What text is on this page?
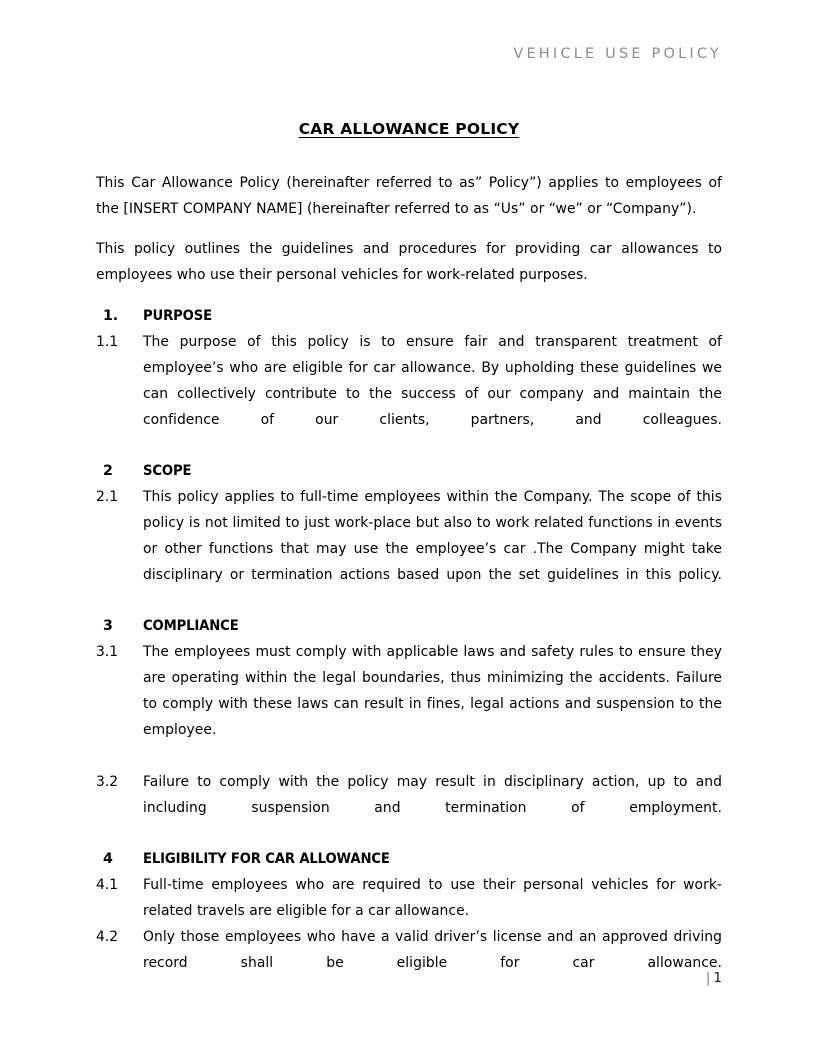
VEHICLE USE POLICY
CAR ALLOWANCE POLICY

This Car Allowance Policy (hereinafter referred to as” Policy”) applies to employees of the [INSERT COMPANY NAME] (hereinafter referred to as “Us” or “we” or “Company”).

This policy outlines the guidelines and procedures for providing car allowances to employees who use their personal vehicles for work-related purposes.

1.	PURPOSE
1.1	The purpose of this policy is to ensure fair and transparent treatment of employee’s who are eligible for car allowance. By upholding these guidelines we can collectively contribute to the success of our company and maintain the confidence of our clients, partners, and colleagues.
2	SCOPE
2.1	This policy applies to full-time employees within the Company. The scope of this policy is not limited to just work-place but also to work related functions in events or other functions that may use the employee’s car .The Company might take disciplinary or termination actions based upon the set guidelines in this policy.
3	COMPLIANCE
3.1	The employees must comply with applicable laws and safety rules to ensure they are operating within the legal boundaries, thus minimizing the accidents. Failure to comply with these laws can result in fines, legal actions and suspension to the employee.
3.2	Failure to comply with the policy may result in disciplinary action, up to and including suspension and termination of employment.
4	ELIGIBILITY FOR CAR ALLOWANCE
4.1	Full-time employees who are required to use their personal vehicles for work-related travels are eligible for a car allowance.
4.2	Only those employees who have a valid driver’s license and an approved driving record shall be eligible for car allowance.
| 1
